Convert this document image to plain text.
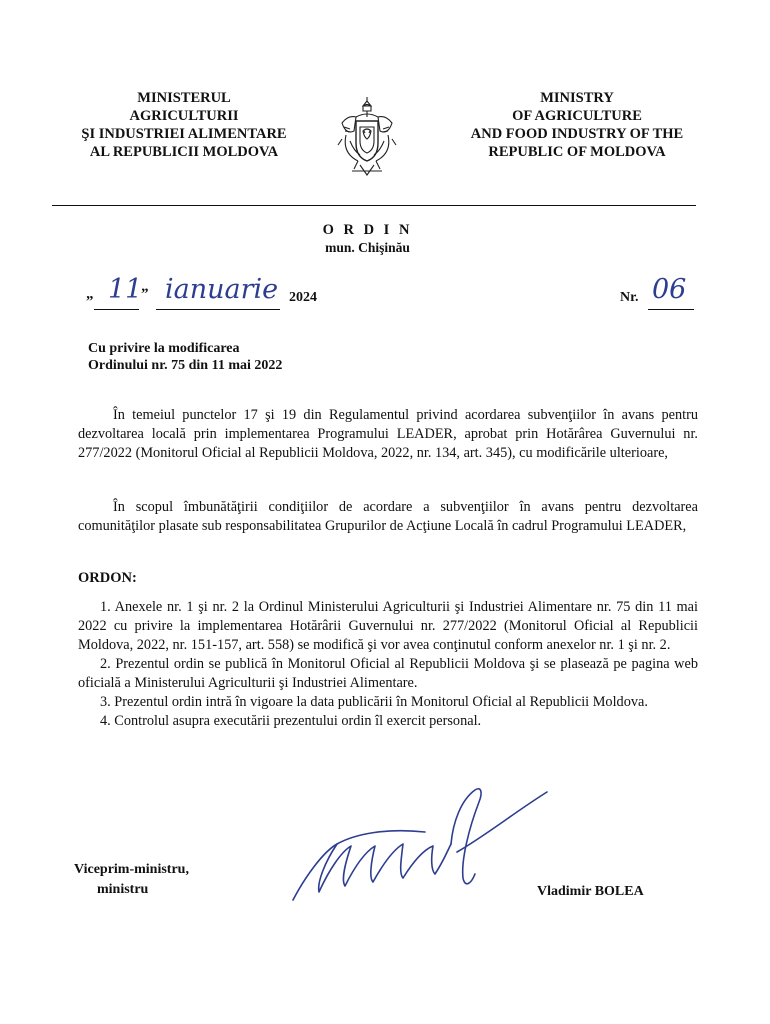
MINISTERUL
AGRICULTURII
ŞI INDUSTRIEI ALIMENTARE
AL REPUBLICII MOLDOVA
MINISTRY
OF AGRICULTURE
AND FOOD INDUSTRY OF THE
REPUBLIC OF MOLDOVA
O R D I N
mun. Chişinău
„ 11
” ianuarie 2024	Nr. 06
Cu privire la modificarea
Ordinului nr. 75 din 11 mai 2022
În temeiul punctelor 17 şi 19 din Regulamentul privind acordarea subvenţiilor în avans pentru dezvoltarea locală prin implementarea Programului LEADER, aprobat prin Hotărârea Guvernului nr. 277/2022 (Monitorul Oficial al Republicii Moldova, 2022, nr. 134, art. 345), cu modificările ulterioare,
În scopul îmbunătăţirii condiţiilor de acordare a subvenţiilor în avans pentru dezvoltarea comunităţilor plasate sub responsabilitatea Grupurilor de Acţiune Locală în cadrul Programului LEADER,
ORDON:
1. Anexele nr. 1 şi nr. 2 la Ordinul Ministerului Agriculturii şi Industriei Alimentare nr. 75 din 11 mai 2022 cu privire la implementarea Hotărârii Guvernului nr. 277/2022 (Monitorul Oficial al Republicii Moldova, 2022, nr. 151-157, art. 558) se modifică şi vor avea conţinutul conform anexelor nr. 1 şi nr. 2.
2. Prezentul ordin se publică în Monitorul Oficial al Republicii Moldova şi se plasează pe pagina web oficială a Ministerului Agriculturii şi Industriei Alimentare.
3. Prezentul ordin intră în vigoare la data publicării în Monitorul Oficial al Republicii Moldova.
4. Controlul asupra executării prezentului ordin îl exercit personal.
Viceprim-ministru,
ministru	Vladimir BOLEA
